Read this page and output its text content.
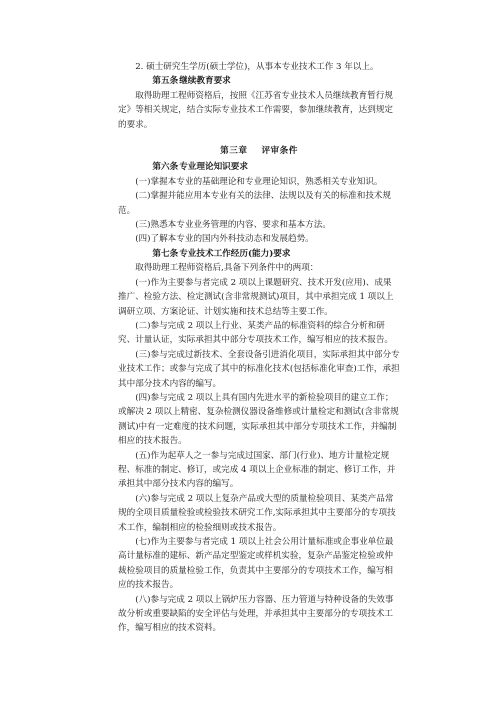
2. 硕士研究生学历(硕士学位)，从事本专业技术工作 3 年以上。

第五条继续教育要求

取得助理工程师资格后，按照《江苏省专业技术人员继续教育暂行规定》等相关规定，结合实际专业技术工作需要，参加继续教育，达到规定的要求。

第三章 评审条件

第六条专业理论知识要求

(一)掌握本专业的基础理论和专业理论知识，熟悉相关专业知识。

(二)掌握并能应用本专业有关的法律、法规以及有关的标准和技术规范。

(三)熟悉本专业业务管理的内容、要求和基本方法。

(四)了解本专业的国内外科技动态和发展趋势。

第七条专业技术工作经历(能力)要求

取得助理工程师资格后,具备下列条件中的两项：

(一)作为主要参与者完成 2 项以上课题研究、技术开发(应用)、成果推广、检验方法、检定测试(含非常规测试)项目，其中承担完成 1 项以上调研立项、方案论证、计划实施和技术总结等主要工作。

(二)参与完成 2 项以上行业、某类产品的标准资料的综合分析和研究、计量认证，实际承担其中部分专项技术工作，编写相应的技术报告。

(三)参与完成过新技术、全套设备引进消化项目，实际承担其中部分专业技术工作；或参与完成了其中的标准化技术(包括标准化审查)工作，承担其中部分技术内容的编写。

(四)参与完成 2 项以上具有国内先进水平的新检验项目的建立工作；或解决 2 项以上精密、复杂检测仪器设备维修或计量检定和测试(含非常规测试)中有一定难度的技术问题，实际承担其中部分专项技术工作，并编制相应的技术报告。

(五)作为起草人之一参与完成过国家、部门(行业)、地方计量检定规程、标准的制定、修订，或完成 4 项以上企业标准的制定、修订工作，并承担其中部分技术内容的编写。

(六)参与完成 2 项以上复杂产品或大型的质量检验项目、某类产品常规的全项目质量检验或检验技术研究工作,实际承担其中主要部分的专项技术工作，编制相应的检验细则或技术报告。

(七)作为主要参与者完成 1 项以上社会公用计量标准或企事业单位最高计量标准的建标、新产品定型鉴定或样机实验，复杂产品鉴定检验或仲裁检验项目的质量检验工作，负责其中主要部分的专项技术工作，编写相应的技术报告。

(八)参与完成 2 项以上锅炉压力容器、压力管道与特种设备的失效事故分析或重要缺陷的安全评估与处理，并承担其中主要部分的专项技术工作，编写相应的技术资料。
